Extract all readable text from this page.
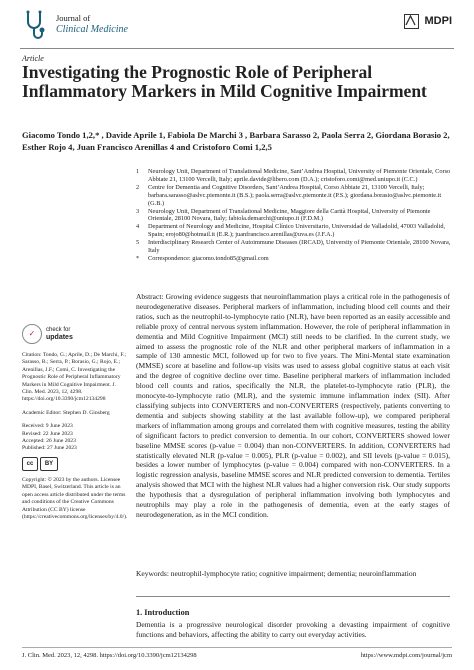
Journal of
Clinical Medicine
MDPI
Article
Investigating the Prognostic Role of Peripheral Inflammatory Markers in Mild Cognitive Impairment
Giacomo Tondo 1,2,* , Davide Aprile 1, Fabiola De Marchi 3 , Barbara Sarasso 2, Paola Serra 2, Giordana Borasio 2,
Esther Rojo 4, Juan Francisco Arenillas 4 and Cristoforo Comi 1,2,5
1	Neurology Unit, Department of Translational Medicine, Sant’Andrea Hospital, University of Piemonte Orientale, Corso Abbiate 21, 13100 Vercelli, Italy; aprile.davide@libero.com (D.A.); cristoforo.comi@med.uniupo.it (C.C.)
2	Centre for Dementia and Cognitive Disorders, Sant’Andrea Hospital, Corso Abbiate 21, 13100 Vercelli, Italy; barbara.sarasso@aslvc.piemonte.it (B.S.); paola.serra@aslvc.piemonte.it (P.S.); giordana.borasio@aslvc.piemonte.it (G.B.)
3	Neurology Unit, Department of Translational Medicine, Maggiore della Carità Hospital, University of Piemonte Orientale, 28100 Novara, Italy; fabiola.demarchi@uniupo.it (F.D.M.)
4	Department of Neurology and Medicine, Hospital Clínico Universitario, Universidad de Valladolid, 47003 Valladolid, Spain; erojo80@hotmail.it (E.R.); juanfrancisco.arenillas@uva.es (J.F.A.)
5	Interdisciplinary Research Center of Autoimmune Diseases (IRCAD), University of Piemonte Orientale, 28100 Novara, Italy
*	Correspondence: giacomo.tondo85@gmail.com
✓	check for
updates

Citation: Tondo, G.; Aprile, D.; De Marchi, F.; Sarasso, B.; Serra, P.; Borasio, G.; Rojo, E.; Arenillas, J.F.; Comi, C. Investigating the Prognostic Role of Peripheral Inflammatory Markers in Mild Cognitive Impairment. J. Clin. Med. 2023, 12, 4298. https://doi.org/10.3390/jcm12134298

Academic Editor: Stephen D. Ginsberg

Received: 9 June 2023
Revised: 22 June 2023
Accepted: 26 June 2023
Published: 27 June 2023
cc	BY

Copyright: © 2023 by the authors. Licensee MDPI, Basel, Switzerland. This article is an open access article distributed under the terms and conditions of the Creative Commons Attribution (CC BY) license (https://creativecommons.org/licenses/by/4.0/).

Abstract: Growing evidence suggests that neuroinflammation plays a critical role in the pathogenesis of neurodegenerative diseases. Peripheral markers of inflammation, including blood cell counts and their ratios, such as the neutrophil-to-lymphocyte ratio (NLR), have been reported as an easily accessible and reliable proxy of central nervous system inflammation. However, the role of peripheral inflammation in dementia and Mild Cognitive Impairment (MCI) still needs to be clarified. In the current study, we aimed to assess the prognostic role of the NLR and other peripheral markers of inflammation in a sample of 130 amnestic MCI, followed up for two to five years. The Mini-Mental state examination (MMSE) score at baseline and follow-up visits was used to assess global cognitive status at each visit and the degree of cognitive decline over time. Baseline peripheral markers of inflammation included blood cell counts and ratios, specifically the NLR, the platelet-to-lymphocyte ratio (PLR), the monocyte-to-lymphocyte ratio (MLR), and the systemic immune inflammation index (SII). After classifying subjects into CONVERTERS and non-CONVERTERS (respectively, patients converting to dementia and subjects showing stability at the last available follow-up), we compared peripheral markers of inflammation among groups and correlated them with cognitive measures, testing the ability of significant factors to predict conversion to dementia. In our cohort, CONVERTERS showed lower baseline MMSE scores (p-value = 0.004) than non-CONVERTERS. In addition, CONVERTERS had statistically elevated NLR (p-value = 0.005), PLR (p-value = 0.002), and SII levels (p-value = 0.015), besides a lower number of lymphocytes (p-value = 0.004) compared with non-CONVERTERS. In a logistic regression analysis, baseline MMSE scores and NLR predicted conversion to dementia. Tertiles analysis showed that MCI with the highest NLR values had a higher conversion risk. Our study supports the hypothesis that a dysregulation of peripheral inflammation involving both lymphocytes and neutrophils may play a role in the pathogenesis of dementia, even at the early stages of neurodegeneration, as in the MCI condition.
Keywords: neutrophil-lymphocyte ratio; cognitive impairment; dementia; neuroinflammation
1. Introduction
Dementia is a progressive neurological disorder provoking a devasting impairment of cognitive functions and behaviors, affecting the ability to carry out everyday activities.
J. Clin. Med. 2023, 12, 4298. https://doi.org/10.3390/jcm12134298	https://www.mdpi.com/journal/jcm
